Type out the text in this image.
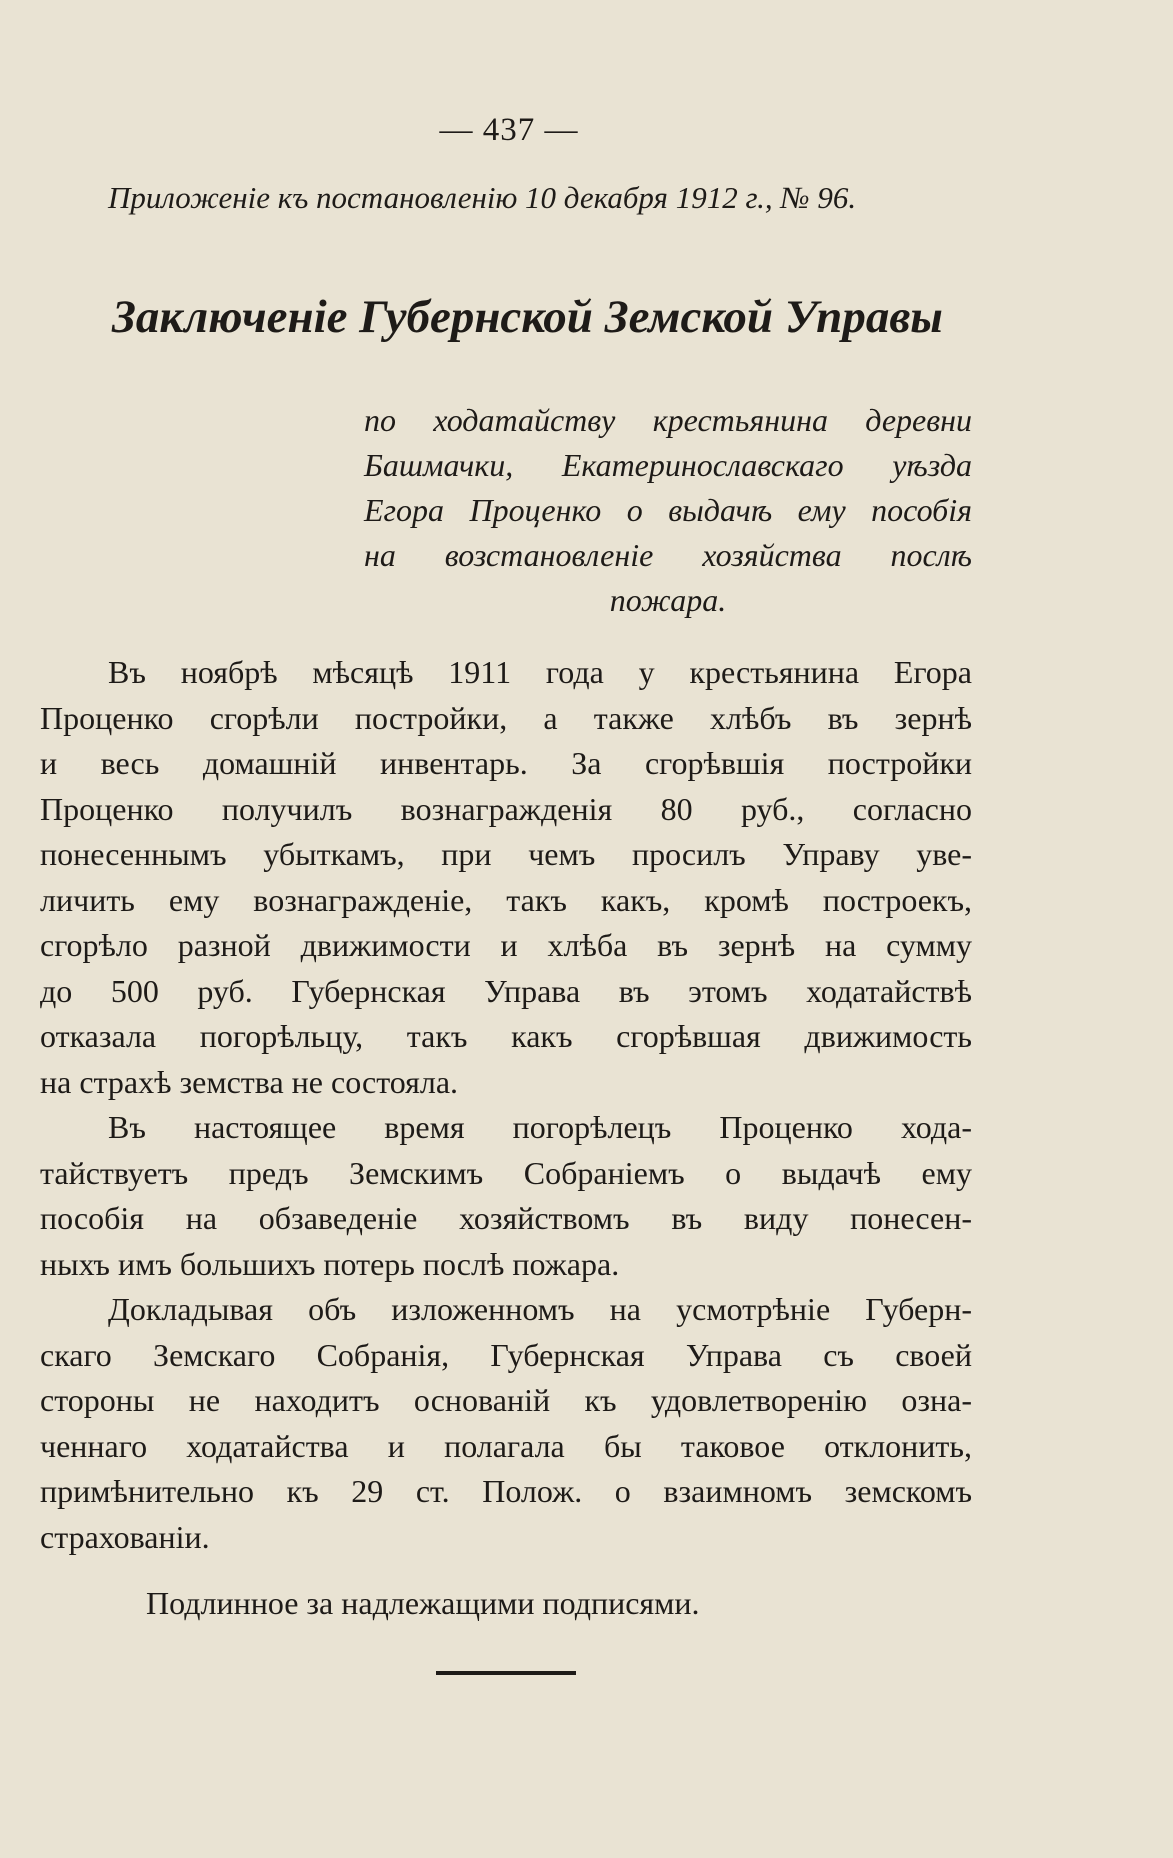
— 437 —
Приложеніе къ постановленію 10 декабря 1912 г., № 96.
Заключеніе Губернской Земской Управы
по ходатайству крестьянина деревни
Башмачки, Екатеринославскаго уѣзда
Егора Проценко о выдачѣ ему пособія
на возстановленіе хозяйства послѣ
пожара.
Въ ноябрѣ мѣсяцѣ 1911 года у крестьянина Егора
Проценко сгорѣли постройки, а также хлѣбъ въ зернѣ
и весь домашній инвентарь. За сгорѣвшія постройки
Проценко получилъ вознагражденія 80 руб., согласно
понесеннымъ убыткамъ, при чемъ просилъ Управу уве-
личить ему вознагражденіе, такъ какъ, кромѣ построекъ,
сгорѣло разной движимости и хлѣба въ зернѣ на сумму
до 500 руб. Губернская Управа въ этомъ ходатайствѣ
отказала погорѣльцу, такъ какъ сгорѣвшая движимость
на страхѣ земства не состояла.
Въ настоящее время погорѣлецъ Проценко хода-
тайствуетъ предъ Земскимъ Собраніемъ о выдачѣ ему
пособія на обзаведеніе хозяйствомъ въ виду понесен-
ныхъ имъ большихъ потерь послѣ пожара.
Докладывая объ изложенномъ на усмотрѣніе Губерн-
скаго Земскаго Собранія, Губернская Управа съ своей
стороны не находитъ основаній къ удовлетворенію озна-
ченнаго ходатайства и полагала бы таковое отклонить,
примѣнительно къ 29 ст. Полож. о взаимномъ земскомъ
страхованіи.
Подлинное за надлежащими подписями.
